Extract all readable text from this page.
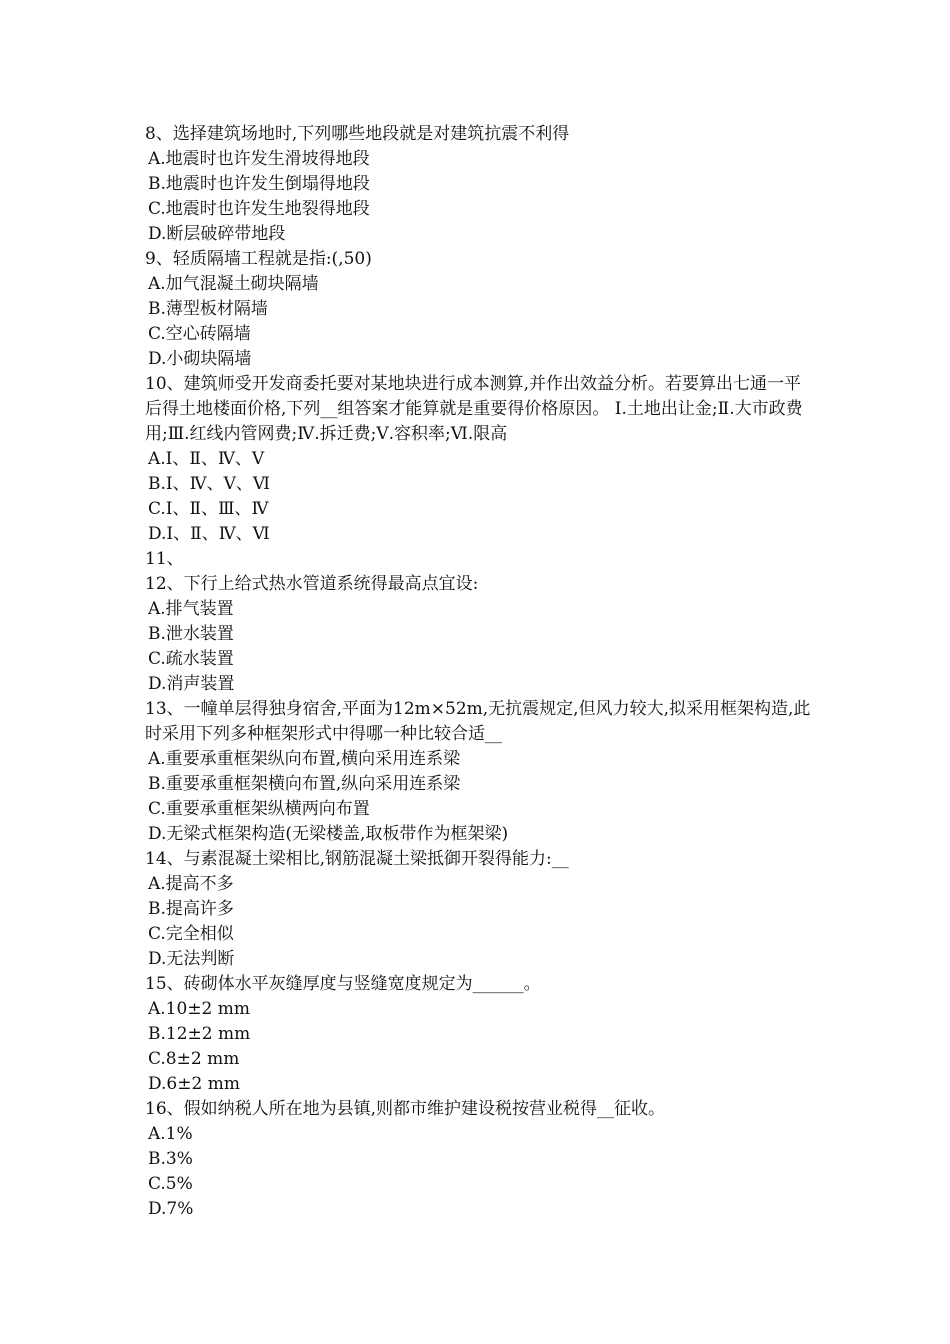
8、选择建筑场地时,下列哪些地段就是对建筑抗震不利得

A.地震时也许发生滑坡得地段

B.地震时也许发生倒塌得地段

C.地震时也许发生地裂得地段

D.断层破碎带地段

9、轻质隔墙工程就是指:(,50)

A.加气混凝土砌块隔墙

B.薄型板材隔墙

C.空心砖隔墙

D.小砌块隔墙

10、建筑师受开发商委托要对某地块进行成本测算,并作出效益分析。若要算出七通一平后得土地楼面价格,下列__组答案才能算就是重要得价格原因。 Ⅰ.土地出让金;Ⅱ.大市政费用;Ⅲ.红线内管网费;Ⅳ.拆迁费;Ⅴ.容积率;Ⅵ.限高

A.Ⅰ、Ⅱ、Ⅳ、Ⅴ

B.Ⅰ、Ⅳ、Ⅴ、Ⅵ

C.Ⅰ、Ⅱ、Ⅲ、Ⅳ

D.Ⅰ、Ⅱ、Ⅳ、Ⅵ

11、

12、下行上给式热水管道系统得最高点宜设:

A.排气装置

B.泄水装置

C.疏水装置

D.消声装置

13、一幢单层得独身宿舍,平面为12m×52m,无抗震规定,但风力较大,拟采用框架构造,此时采用下列多种框架形式中得哪一种比较合适__

A.重要承重框架纵向布置,横向采用连系梁

B.重要承重框架横向布置,纵向采用连系梁

C.重要承重框架纵横两向布置

D.无梁式框架构造(无梁楼盖,取板带作为框架梁)

14、与素混凝土梁相比,钢筋混凝土梁抵御开裂得能力:__

A.提高不多

B.提高许多

C.完全相似

D.无法判断

15、砖砌体水平灰缝厚度与竖缝宽度规定为______。

A.10±2 mm

B.12±2 mm

C.8±2 mm

D.6±2 mm

16、假如纳税人所在地为县镇,则都市维护建设税按营业税得__征收。

A.1%

B.3%

C.5%

D.7%
